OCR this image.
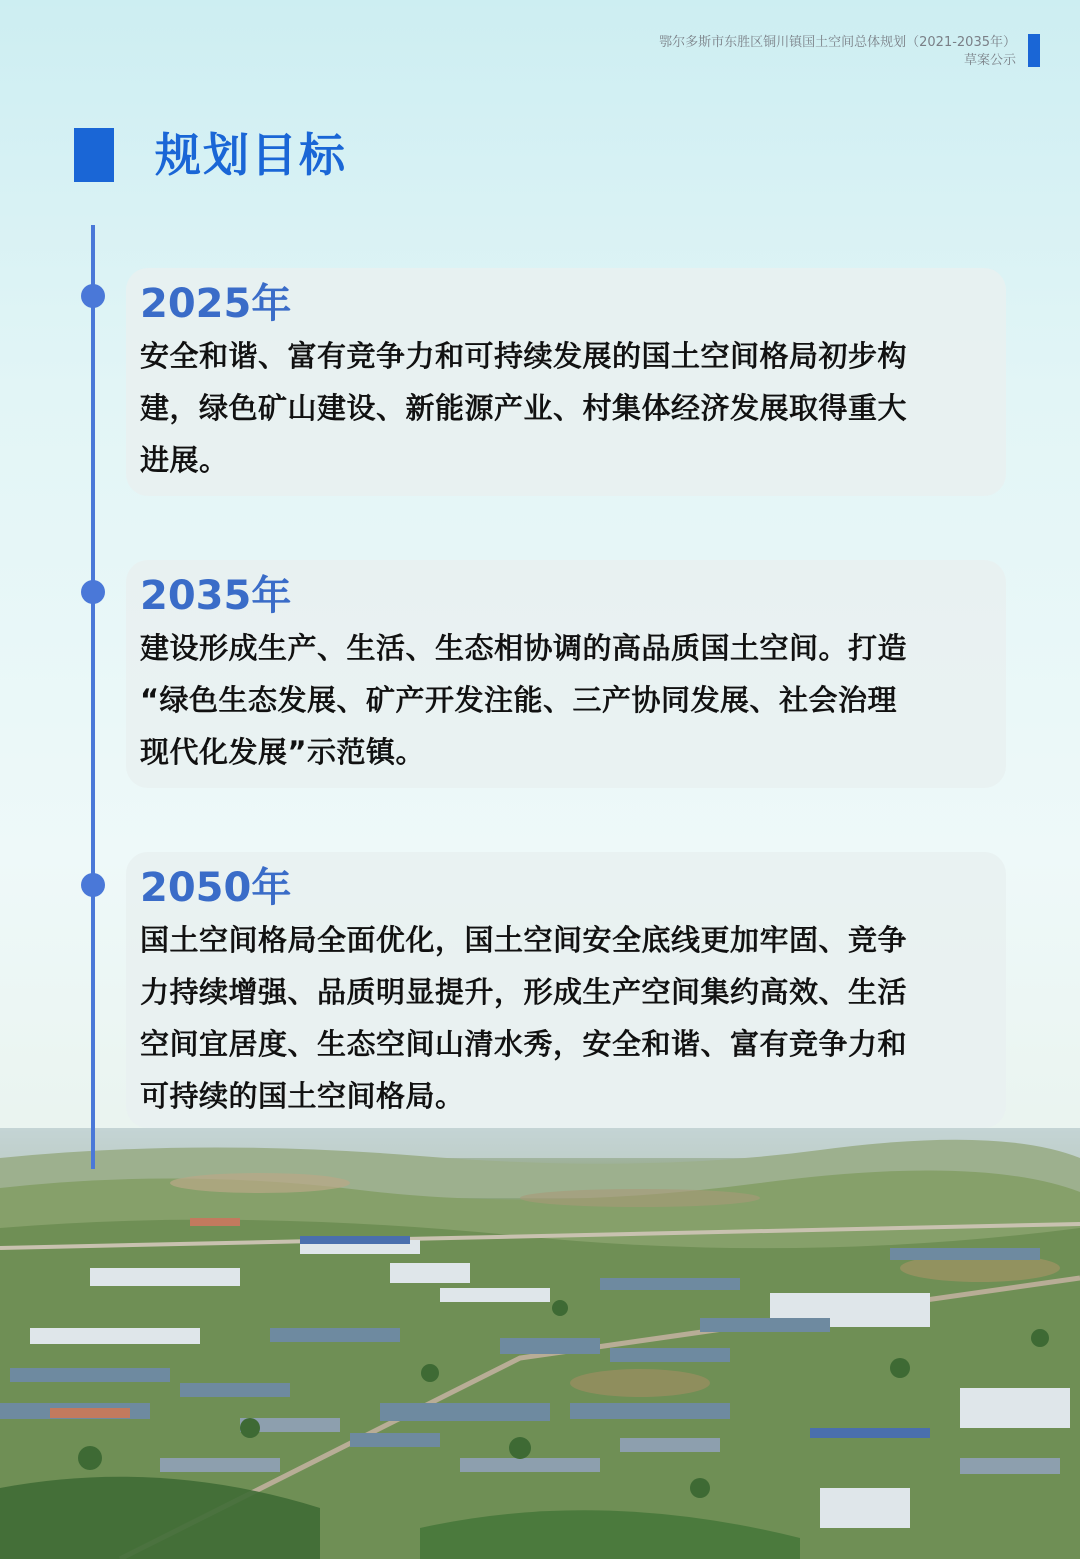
鄂尔多斯市东胜区铜川镇国土空间总体规划（2021-2035年）
草案公示
规划目标
2025年
安全和谐、富有竞争力和可持续发展的国土空间格局初步构
建，绿色矿山建设、新能源产业、村集体经济发展取得重大
进展。
2035年
建设形成生产、生活、生态相协调的高品质国土空间。打造
“绿色生态发展、矿产开发注能、三产协同发展、社会治理
现代化发展”示范镇。
2050年
国土空间格局全面优化，国土空间安全底线更加牢固、竞争
力持续增强、品质明显提升，形成生产空间集约高效、生活
空间宜居度、生态空间山清水秀，安全和谐、富有竞争力和
可持续的国土空间格局。
